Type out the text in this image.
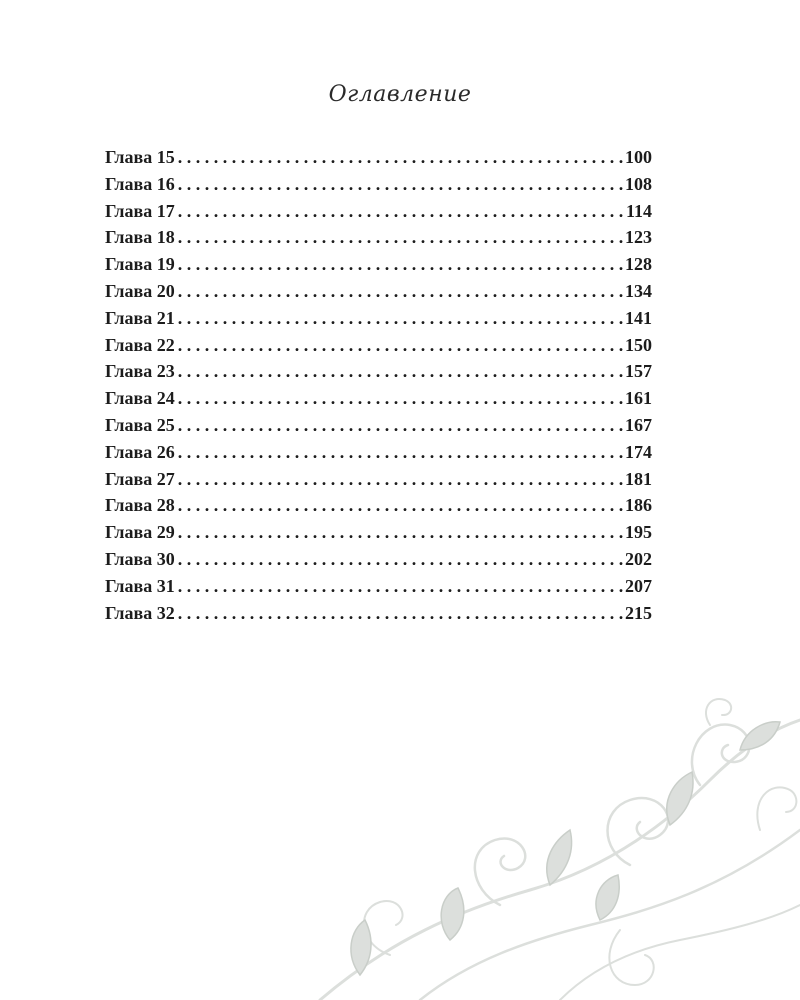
Оглавление
Глава 15 . . .	100
Глава 16 . . .	108
Глава 17 . . .	114
Глава 18 . . .	123
Глава 19 . . .	128
Глава 20 . . .	134
Глава 21 . . .	141
Глава 22 . . .	150
Глава 23 . . .	157
Глава 24 . . .	161
Глава 25 . . .	167
Глава 26 . . .	174
Глава 27 . . .	181
Глава 28 . . .	186
Глава 29 . . .	195
Глава 30 . . .	202
Глава 31 . . .	207
Глава 32 . . .	215
